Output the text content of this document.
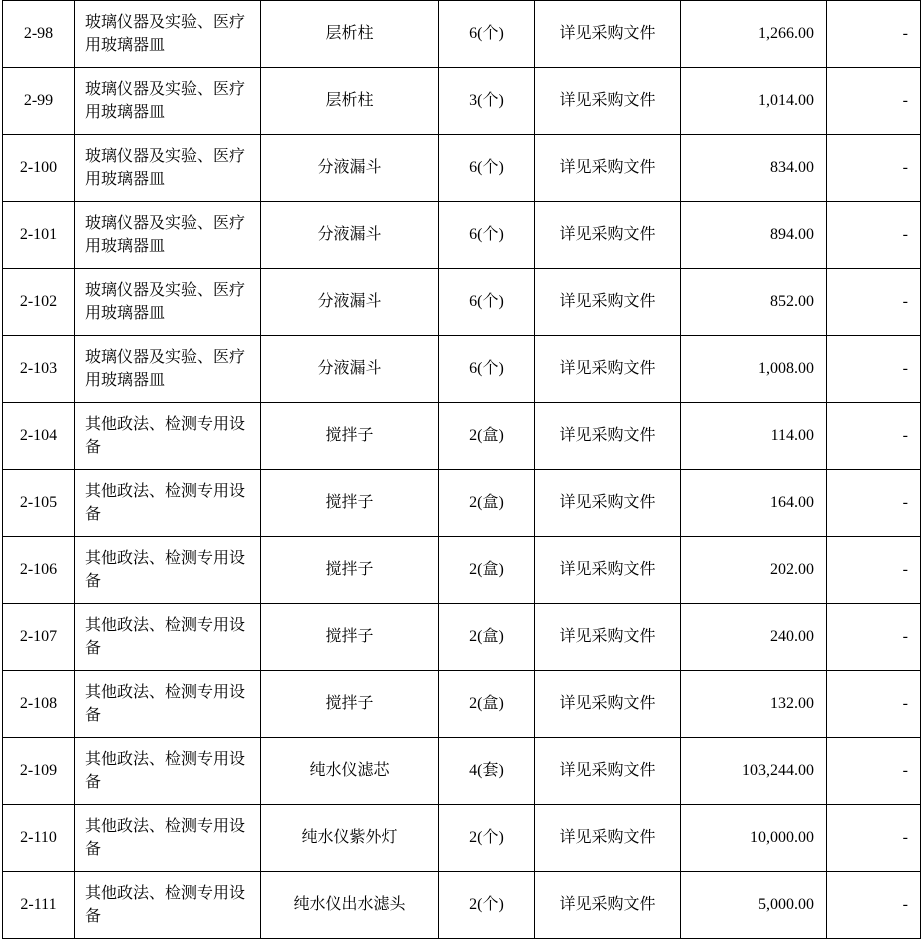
2-98	玻璃仪器及实验、医疗用玻璃器皿	层析柱	6(个)	详见采购文件	1,266.00	-

2-99	玻璃仪器及实验、医疗用玻璃器皿	层析柱	3(个)	详见采购文件	1,014.00	-

2-100	玻璃仪器及实验、医疗用玻璃器皿	分液漏斗	6(个)	详见采购文件	834.00	-

2-101	玻璃仪器及实验、医疗用玻璃器皿	分液漏斗	6(个)	详见采购文件	894.00	-

2-102	玻璃仪器及实验、医疗用玻璃器皿	分液漏斗	6(个)	详见采购文件	852.00	-

2-103	玻璃仪器及实验、医疗用玻璃器皿	分液漏斗	6(个)	详见采购文件	1,008.00	-

2-104	其他政法、检测专用设备	搅拌子	2(盒)	详见采购文件	114.00	-

2-105	其他政法、检测专用设备	搅拌子	2(盒)	详见采购文件	164.00	-

2-106	其他政法、检测专用设备	搅拌子	2(盒)	详见采购文件	202.00	-

2-107	其他政法、检测专用设备	搅拌子	2(盒)	详见采购文件	240.00	-

2-108	其他政法、检测专用设备	搅拌子	2(盒)	详见采购文件	132.00	-

2-109	其他政法、检测专用设备	纯水仪滤芯	4(套)	详见采购文件	103,244.00	-

2-110	其他政法、检测专用设备	纯水仪紫外灯	2(个)	详见采购文件	10,000.00	-

2-111	其他政法、检测专用设备	纯水仪出水滤头	2(个)	详见采购文件	5,000.00	-
